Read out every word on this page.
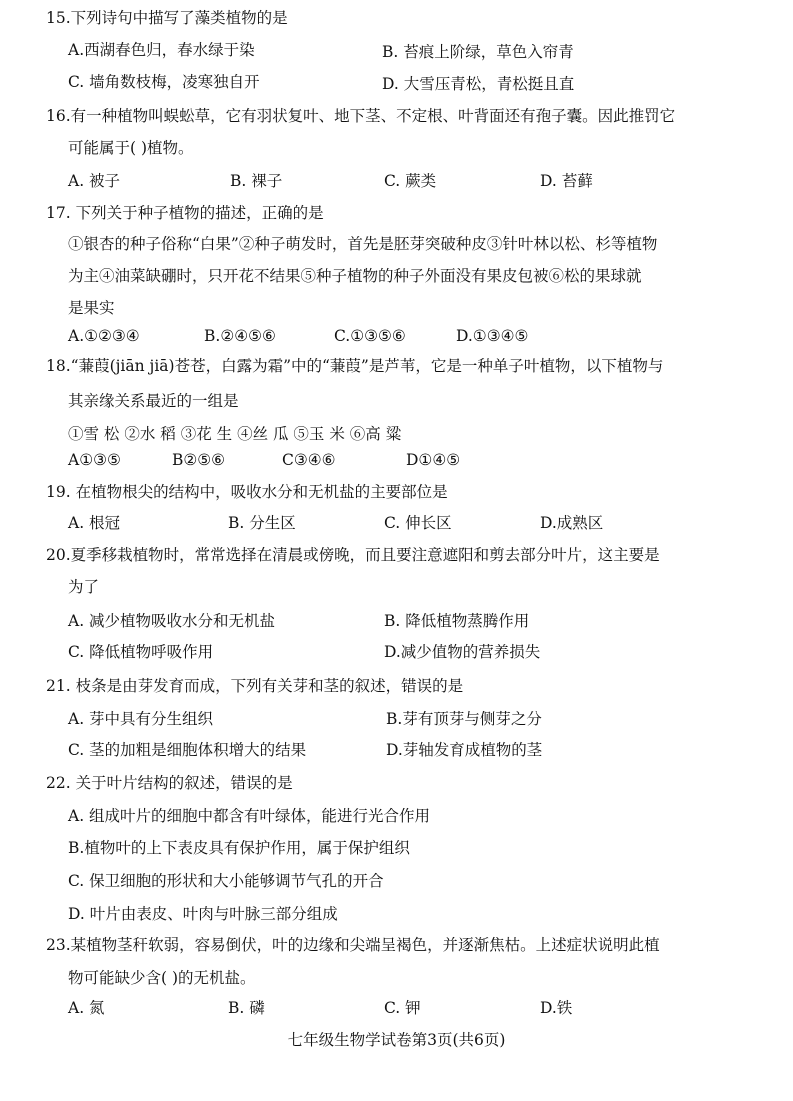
15.下列诗句中描写了藻类植物的是
A.西湖春色归，春水绿于染	B. 苔痕上阶绿，草色入帘青
C. 墙角数枝梅，凌寒独自开	D. 大雪压青松，青松挺且直
16.有一种植物叫蜈蚣草，它有羽状复叶、地下茎、不定根、叶背面还有孢子囊。因此推罚它
可能属于( )植物。
A. 被子	B. 裸子	C. 蕨类	D. 苔藓
17. 下列关于种子植物的描述，正确的是
①银杏的种子俗称“白果”②种子萌发时，首先是胚芽突破种皮③针叶林以松、杉等植物
为主④油菜缺硼时，只开花不结果⑤种子植物的种子外面没有果皮包被⑥松的果球就
是果实
A.①②③④	B.②④⑤⑥	C.①③⑤⑥	D.①③④⑤
18.“蒹葭(jiān jiā)苍苍，白露为霜”中的“蒹葭”是芦苇，它是一种单子叶植物，以下植物与
其亲缘关系最近的一组是
①雪 松 ②水 稻 ③花 生 ④丝 瓜 ⑤玉 米 ⑥高 粱
A①③⑤	B②⑤⑥	C③④⑥	D①④⑤
19. 在植物根尖的结构中，吸收水分和无机盐的主要部位是
A. 根冠	B. 分生区	C. 伸长区	D.成熟区
20.夏季移栽植物时，常常选择在清晨或傍晚，而且要注意遮阳和剪去部分叶片，这主要是
为了
A. 减少植物吸收水分和无机盐	B. 降低植物蒸腾作用
C. 降低植物呼吸作用	D.减少值物的营养损失
21. 枝条是由芽发育而成，下列有关芽和茎的叙述，错误的是
A. 芽中具有分生组织	B.芽有顶芽与侧芽之分
C. 茎的加粗是细胞体积增大的结果	D.芽轴发育成植物的茎
22. 关于叶片结构的叙述，错误的是
A. 组成叶片的细胞中都含有叶绿体，能进行光合作用
B.植物叶的上下表皮具有保护作用，属于保护组织
C. 保卫细胞的形状和大小能够调节气孔的开合
D. 叶片由表皮、叶肉与叶脉三部分组成
23.某植物茎秆软弱，容易倒伏，叶的边缘和尖端呈褐色，并逐渐焦枯。上述症状说明此植
物可能缺少含( )的无机盐。
A. 氮	B. 磷	C. 钾	D.铁
七年级生物学试卷第3页(共6页)
